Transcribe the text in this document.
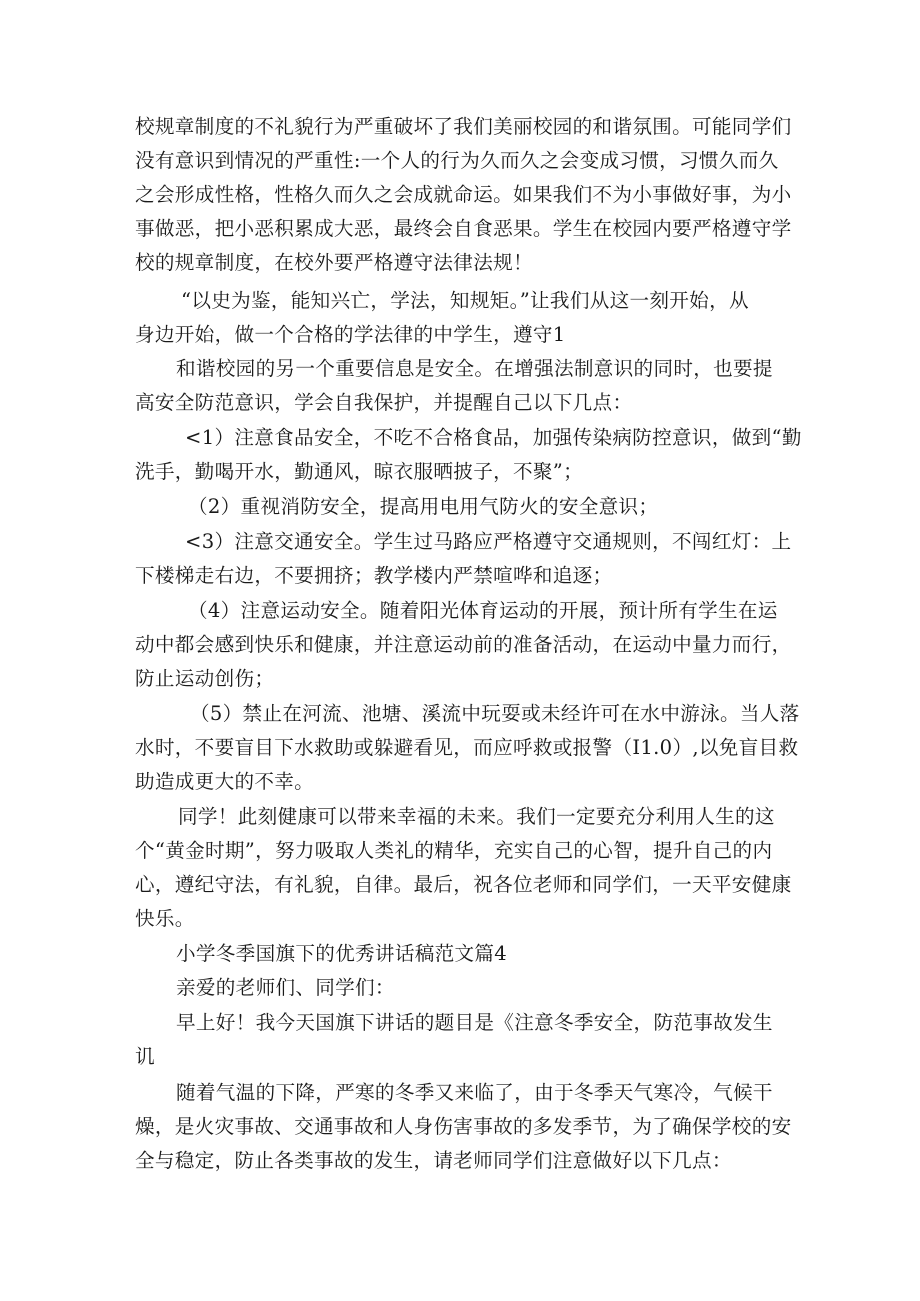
校规章制度的不礼貌行为严重破坏了我们美丽校园的和谐氛围。可能同学们
没有意识到情况的严重性:一个人的行为久而久之会变成习惯，习惯久而久
之会形成性格，性格久而久之会成就命运。如果我们不为小事做好事，为小
事做恶，把小恶积累成大恶，最终会自食恶果。学生在校园内要严格遵守学
校的规章制度，在校外要严格遵守法律法规！
“以史为鉴，能知兴亡，学法，知规矩。”让我们从这一刻开始，从
身边开始，做一个合格的学法律的中学生，遵守1
和谐校园的另一个重要信息是安全。在增强法制意识的同时，也要提
高安全防范意识，学会自我保护，并提醒自己以下几点：
<1）注意食品安全，不吃不合格食品，加强传染病防控意识，做到“勤
洗手，勤喝开水，勤通风，晾衣服晒披子，不聚”；
（2）重视消防安全，提高用电用气防火的安全意识；
<3）注意交通安全。学生过马路应严格遵守交通规则，不闯红灯：上
下楼梯走右边，不要拥挤；教学楼内严禁喧哗和追逐；
（4）注意运动安全。随着阳光体育运动的开展，预计所有学生在运
动中都会感到快乐和健康，并注意运动前的准备活动，在运动中量力而行，
防止运动创伤；
（5）禁止在河流、池塘、溪流中玩耍或未经许可在水中游泳。当人落
水时，不要盲目下水救助或躲避看见，而应呼救或报警（I1.0）,以免盲目救
助造成更大的不幸。
同学！此刻健康可以带来幸福的未来。我们一定要充分利用人生的这
个“黄金时期”，努力吸取人类礼的精华，充实自己的心智，提升自己的内
心，遵纪守法，有礼貌，自律。最后，祝各位老师和同学们，一天平安健康
快乐。
小学冬季国旗下的优秀讲话稿范文篇4
亲爱的老师们、同学们：
早上好！我今天国旗下讲话的题目是《注意冬季安全，防范事故发生
讥
随着气温的下降，严寒的冬季又来临了，由于冬季天气寒冷，气候干
燥，是火灾事故、交通事故和人身伤害事故的多发季节，为了确保学校的安
全与稳定，防止各类事故的发生，请老师同学们注意做好以下几点：
